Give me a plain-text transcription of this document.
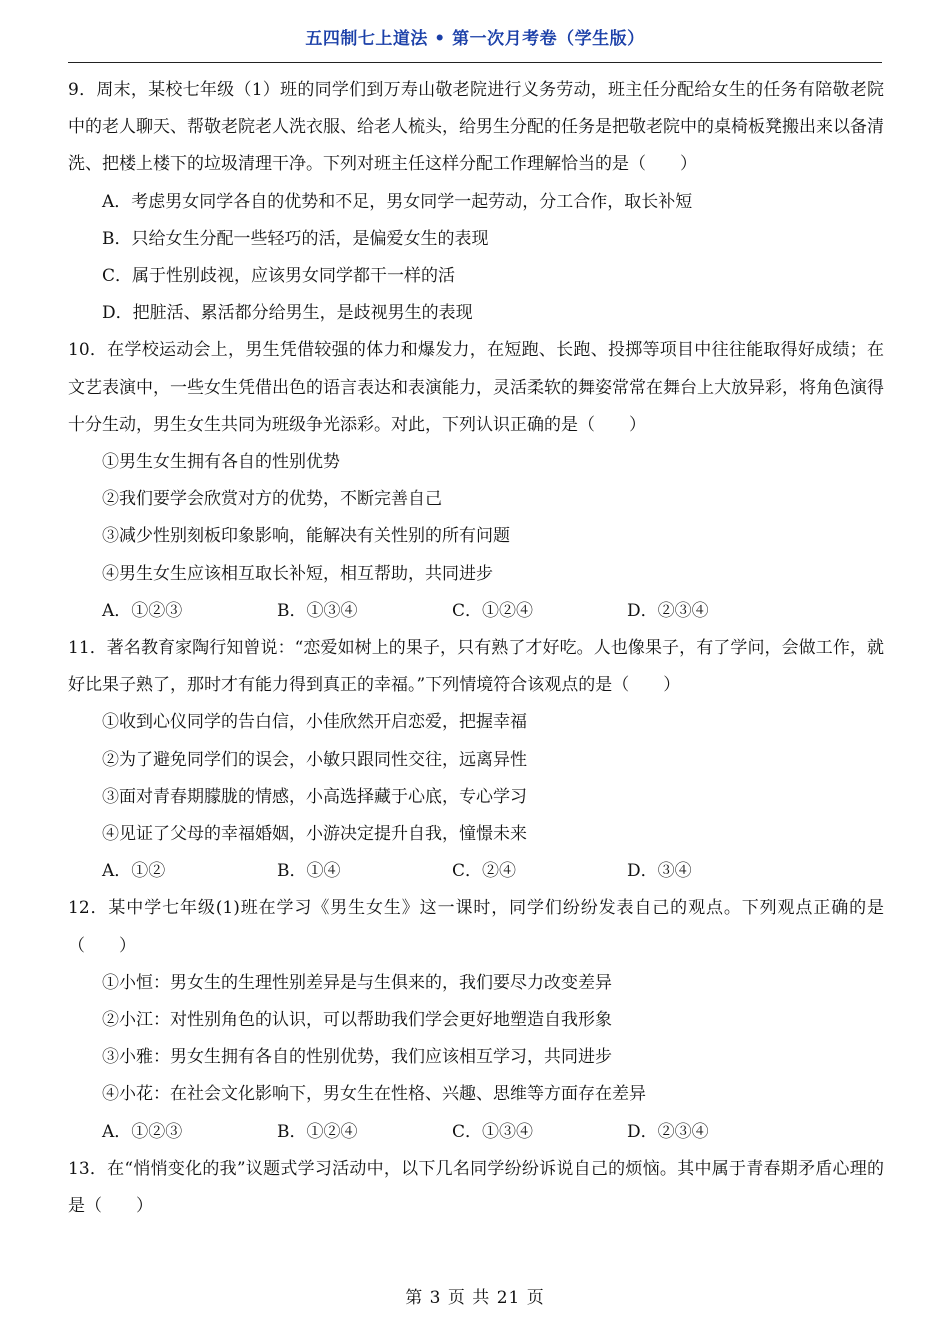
五四制七上道法 • 第一次月考卷（学生版）

9．周末，某校七年级（1）班的同学们到万寿山敬老院进行义务劳动，班主任分配给女生的任务有陪敬老院中的老人聊天、帮敬老院老人洗衣服、给老人梳头，给男生分配的任务是把敬老院中的桌椅板凳搬出来以备清洗、把楼上楼下的垃圾清理干净。下列对班主任这样分配工作理解恰当的是（　　）

A．考虑男女同学各自的优势和不足，男女同学一起劳动，分工合作，取长补短

B．只给女生分配一些轻巧的活，是偏爱女生的表现

C．属于性别歧视，应该男女同学都干一样的活

D．把脏活、累活都分给男生，是歧视男生的表现

10．在学校运动会上，男生凭借较强的体力和爆发力，在短跑、长跑、投掷等项目中往往能取得好成绩；在文艺表演中，一些女生凭借出色的语言表达和表演能力，灵活柔软的舞姿常常在舞台上大放异彩，将角色演得十分生动，男生女生共同为班级争光添彩。对此，下列认识正确的是（　　）

①男生女生拥有各自的性别优势

②我们要学会欣赏对方的优势，不断完善自己

③减少性别刻板印象影响，能解决有关性别的所有问题

④男生女生应该相互取长补短，相互帮助，共同进步

A．①②③	B．①③④	C．①②④	D．②③④

11．著名教育家陶行知曾说：“恋爱如树上的果子，只有熟了才好吃。人也像果子，有了学问，会做工作，就好比果子熟了，那时才有能力得到真正的幸福。”下列情境符合该观点的是（　　）

①收到心仪同学的告白信，小佳欣然开启恋爱，把握幸福

②为了避免同学们的误会，小敏只跟同性交往，远离异性

③面对青春期朦胧的情感，小高选择藏于心底，专心学习

④见证了父母的幸福婚姻，小游决定提升自我，憧憬未来

A．①②	B．①④	C．②④	D．③④

12．某中学七年级(1)班在学习《男生女生》这一课时，同学们纷纷发表自己的观点。下列观点正确的是（　　）

①小恒：男女生的生理性别差异是与生俱来的，我们要尽力改变差异

②小江：对性别角色的认识，可以帮助我们学会更好地塑造自我形象

③小雅：男女生拥有各自的性别优势，我们应该相互学习，共同进步

④小花：在社会文化影响下，男女生在性格、兴趣、思维等方面存在差异

A．①②③	B．①②④	C．①③④	D．②③④

13．在“悄悄变化的我”议题式学习活动中，以下几名同学纷纷诉说自己的烦恼。其中属于青春期矛盾心理的是（　　）

第 3 页 共 21 页
